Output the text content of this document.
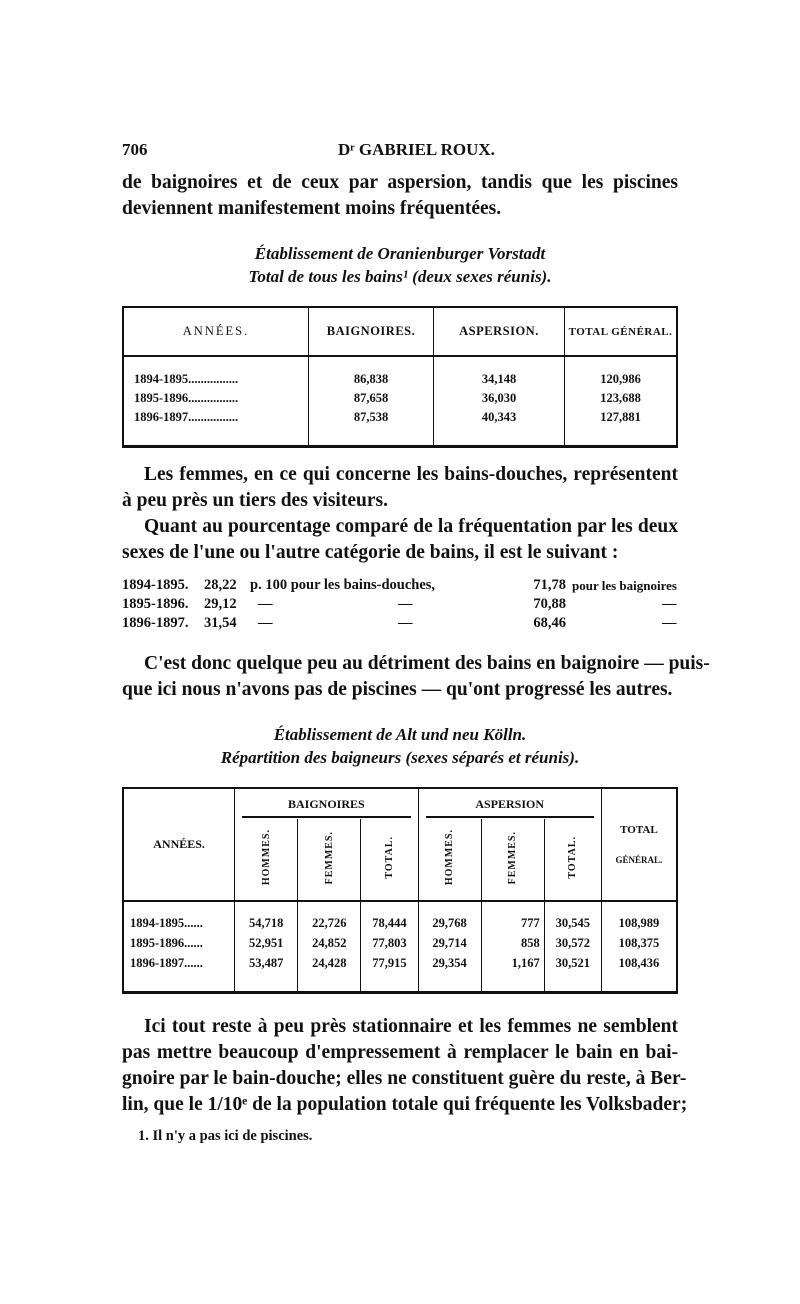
706	Dʳ GABRIEL ROUX.

de baignoires et de ceux par aspersion, tandis que les piscines
deviennent manifestement moins fréquentées.

Établissement de Oranienburger Vorstadt
Total de tous les bains¹ (deux sexes réunis).
ANNÉES.	BAIGNOIRES.	ASPERSION.	TOTAL GÉNÉRAL.

1894-1895................	86,838	34,148	120,986
1895-1896................	87,658	36,030	123,688
1896-1897................	87,538	40,343	127,881

Les femmes, en ce qui concerne les bains-douches, représentent
à peu près un tiers des visiteurs.

Quant au pourcentage comparé de la fréquentation par les deux
sexes de l'une ou l'autre catégorie de bains, il est le suivant :

1894-1895.	28,22	p. 100 pour les bains-douches,		71,78	pour les baignoires
1895-1896.	29,12	—	—	70,88	—
1896-1897.	31,54	—	—	68,46	—

C'est donc quelque peu au détriment des bains en baignoire — puis-
que ici nous n'avons pas de piscines — qu'ont progressé les autres.

Établissement de Alt und neu Kölln.
Répartition des baigneurs (sexes séparés et réunis).
ANNÉES.	BAIGNOIRES			ASPERSION			TOTAL
GÉNÉRAL.

	HOMMES.	FEMMES.	TOTAL.	HOMMES.	FEMMES.	TOTAL.	

1894-1895......	54,718	22,726	78,444	29,768	777	30,545	108,989
1895-1896......	52,951	24,852	77,803	29,714	858	30,572	108,375
1896-1897......	53,487	24,428	77,915	29,354	1,167	30,521	108,436

Ici tout reste à peu près stationnaire et les femmes ne semblent
pas mettre beaucoup d'empressement à remplacer le bain en bai-
gnoire par le bain-douche; elles ne constituent guère du reste, à Ber-
lin, que le 1/10ᵉ de la population totale qui fréquente les Volksbader;

1. Il n'y a pas ici de piscines.
